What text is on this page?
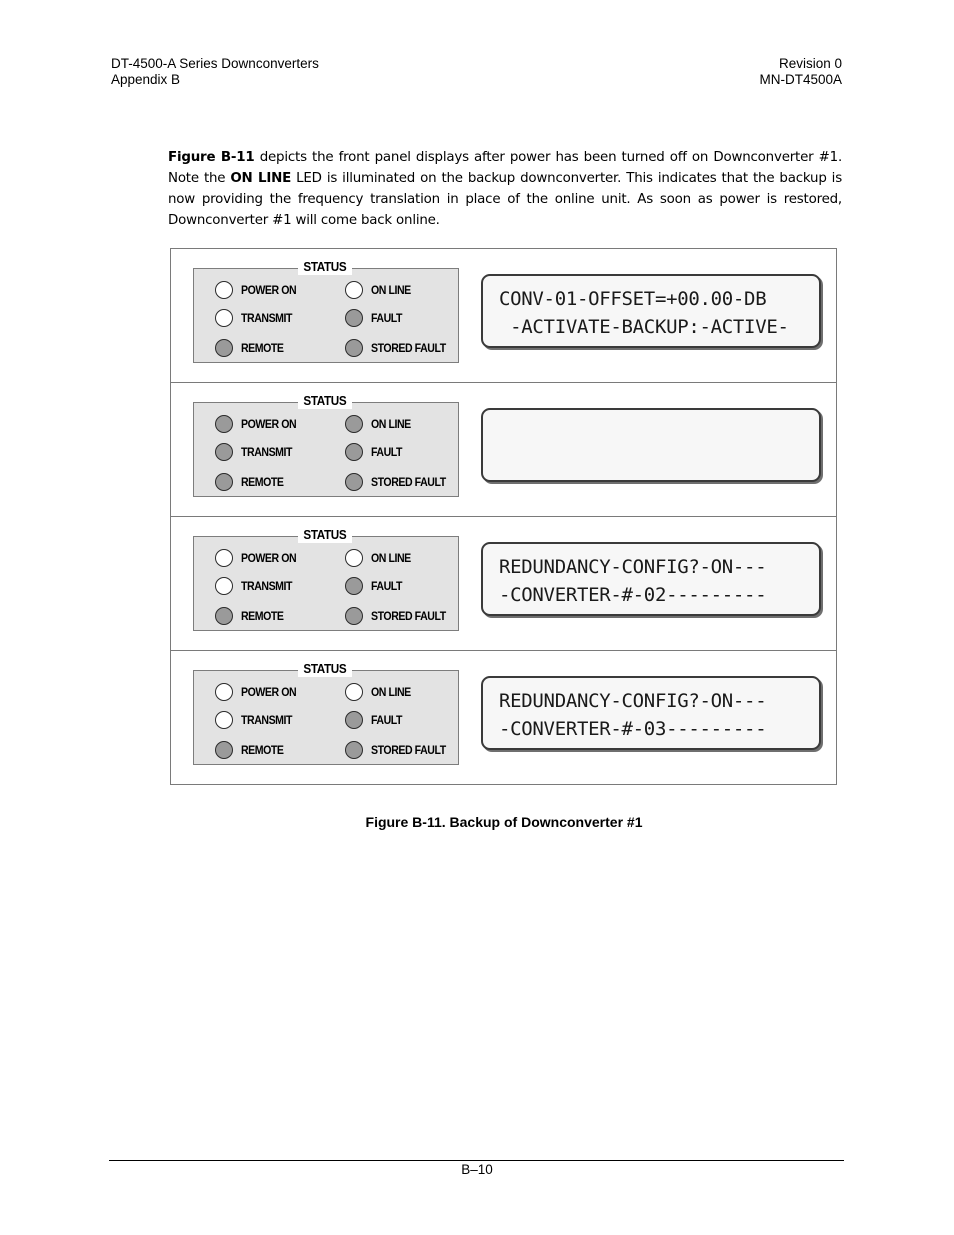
DT-4500-A Series Downconverters
Appendix B
Revision 0
MN-DT4500A

Figure B-11 depicts the front panel displays after power has been turned off on Downconverter #1. Note the ON LINE LED is illuminated on the backup downconverter. This indicates that the backup is now providing the frequency translation in place of the online unit. As soon as power is restored, Downconverter #1 will come back online.

STATUS
POWER ON	ON LINE
TRANSMIT	FAULT
REMOTE	STORED FAULT
CONV-01-OFFSET=+00.00-DB
-ACTIVATE-BACKUP:-ACTIVE-
STATUS
POWER ON	ON LINE
TRANSMIT	FAULT
REMOTE	STORED FAULT
STATUS
POWER ON	ON LINE
TRANSMIT	FAULT
REMOTE	STORED FAULT
REDUNDANCY-CONFIG?-ON---
-CONVERTER-#-02---------
STATUS
POWER ON	ON LINE
TRANSMIT	FAULT
REMOTE	STORED FAULT
REDUNDANCY-CONFIG?-ON---
-CONVERTER-#-03---------
Figure B-11. Backup of Downconverter #1
B–10
